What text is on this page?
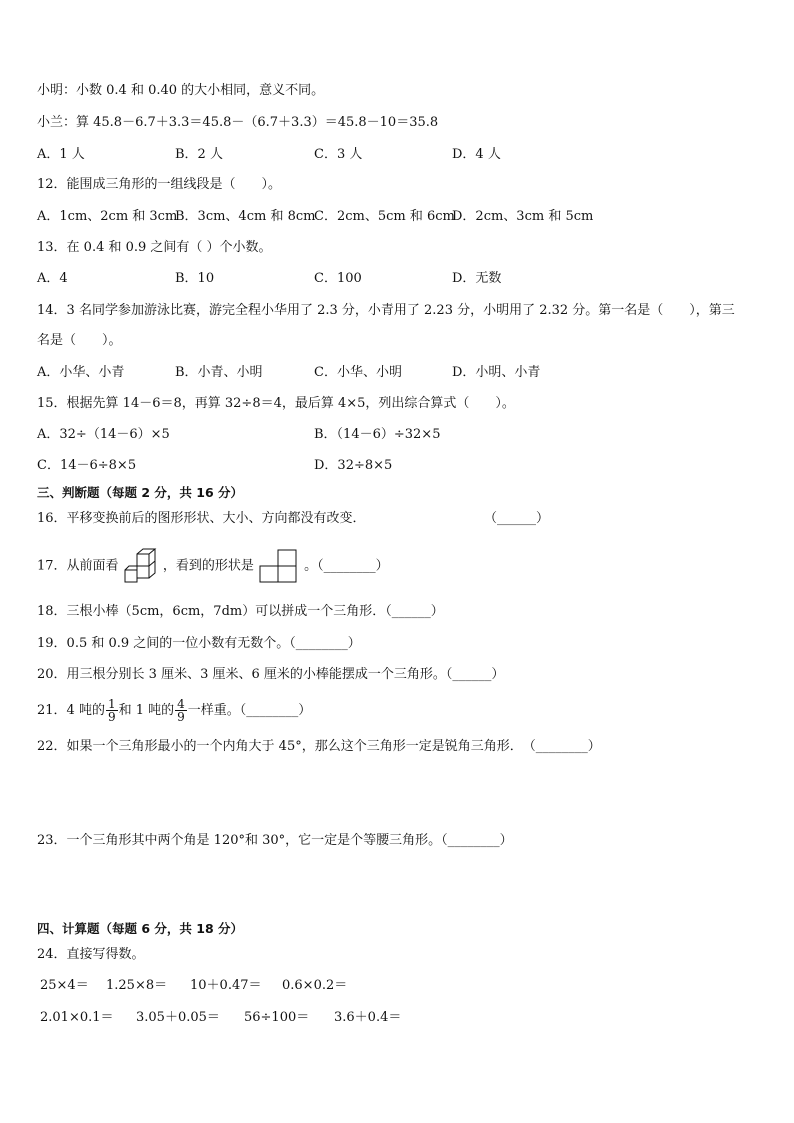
小明：小数 0.4 和 0.40 的大小相同，意义不同。
小兰：算 45.8－6.7＋3.3＝45.8－（6.7＋3.3）＝45.8－10＝35.8
A．1 人	B．2 人	C．3 人	D．4 人
12．能围成三角形的一组线段是（　　）。
A．1cm、2cm 和 3cm
B．3cm、4cm 和 8cm
C．2cm、5cm 和 6cm
D．2cm、3cm 和 5cm
13．在 0.4 和 0.9 之间有（ ）个小数。
A．4	B．10	C．100	D．无数
14．3 名同学参加游泳比赛，游完全程小华用了 2.3 分，小青用了 2.23 分，小明用了 2.32 分。第一名是（　　），第三
名是（　　）。
A．小华、小青	B．小青、小明	C．小华、小明	D．小明、小青
15．根据先算 14－6＝8，再算 32÷8＝4，最后算 4×5，列出综合算式（　　）。
A．32÷（14－6）×5	B．（14－6）÷32×5
C．14－6÷8×5	D．32÷8×5
三、判断题（每题 2 分，共 16 分）
16．平移变换前后的图形形状、大小、方向都没有改变．	（______）
17．从前面看	，看到的形状是	。（________）
18．三根小棒（5cm，6cm，7dm）可以拼成一个三角形．（______）
19．0.5 和 0.9 之间的一位小数有无数个。（________）
20．用三根分别长 3 厘米、3 厘米、6 厘米的小棒能摆成一个三角形。（______）
21．4 吨的 $\frac{1}{9}$ 和 1 吨的 $\frac{4}{9}$ 一样重。（________）
22．如果一个三角形最小的一个内角大于 45°，那么这个三角形一定是锐角三角形．　（________）
23．一个三角形其中两个角是 120°和 30°，它一定是个等腰三角形。（________）
四、计算题（每题 6 分，共 18 分）
24．直接写得数。
25×4＝ 1.25×8＝ 10＋0.47＝ 0.6×0.2＝
2.01×0.1＝ 3.05＋0.05＝ 56÷100＝ 3.6＋0.4＝
